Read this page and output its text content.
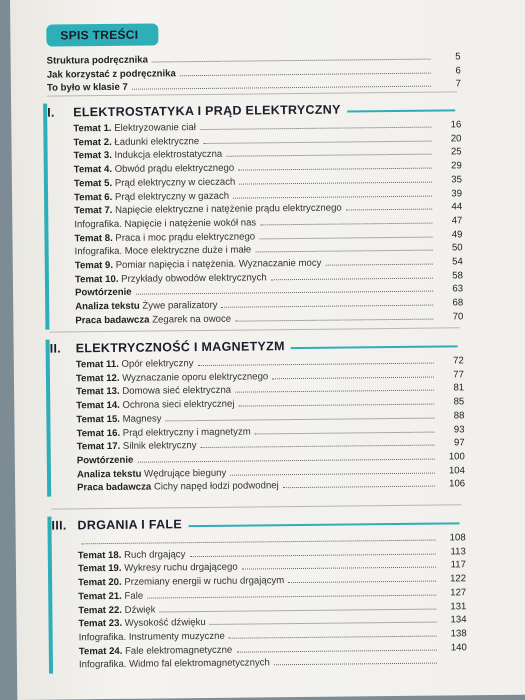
SPIS TREŚCI
Struktura podręcznika	5
Jak korzystać z podręcznika	6
To było w klasie 7	7
I. ELEKTROSTATYKA I PRĄD ELEKTRYCZNY
Temat 1. Elektryzowanie ciał	16
Temat 2. Ładunki elektryczne	20
Temat 3. Indukcja elektrostatyczna	25
Temat 4. Obwód prądu elektrycznego	29
Temat 5. Prąd elektryczny w cieczach	35
Temat 6. Prąd elektryczny w gazach	39
Temat 7. Napięcie elektryczne i natężenie prądu elektrycznego	44
Infografika. Napięcie i natężenie wokół nas	47
Temat 8. Praca i moc prądu elektrycznego	49
Infografika. Moce elektryczne duże i małe	50
Temat 9. Pomiar napięcia i natężenia. Wyznaczanie mocy	54
Temat 10. Przykłady obwodów elektrycznych	58
Powtórzenie	63
Analiza tekstu Żywe paralizatory	68
Praca badawcza Zegarek na owoce	70
II. ELEKTRYCZNOŚĆ I MAGNETYZM
Temat 11. Opór elektryczny	72
Temat 12. Wyznaczanie oporu elektrycznego	77
Temat 13. Domowa sieć elektryczna	81
Temat 14. Ochrona sieci elektrycznej	85
Temat 15. Magnesy	88
Temat 16. Prąd elektryczny i magnetyzm	93
Temat 17. Silnik elektryczny	97
Powtórzenie	100
Analiza tekstu Wędrujące bieguny	104
Praca badawcza Cichy napęd łodzi podwodnej	106
III. DRGANIA I FALE
108
Temat 18. Ruch drgający	113
Temat 19. Wykresy ruchu drgającego	117
Temat 20. Przemiany energii w ruchu drgającym	122
Temat 21. Fale	127
Temat 22. Dźwięk	131
Temat 23. Wysokość dźwięku	134
Infografika. Instrumenty muzyczne	138
Temat 24. Fale elektromagnetyczne	140
Infografika. Widmo fal elektromagnetycznych
